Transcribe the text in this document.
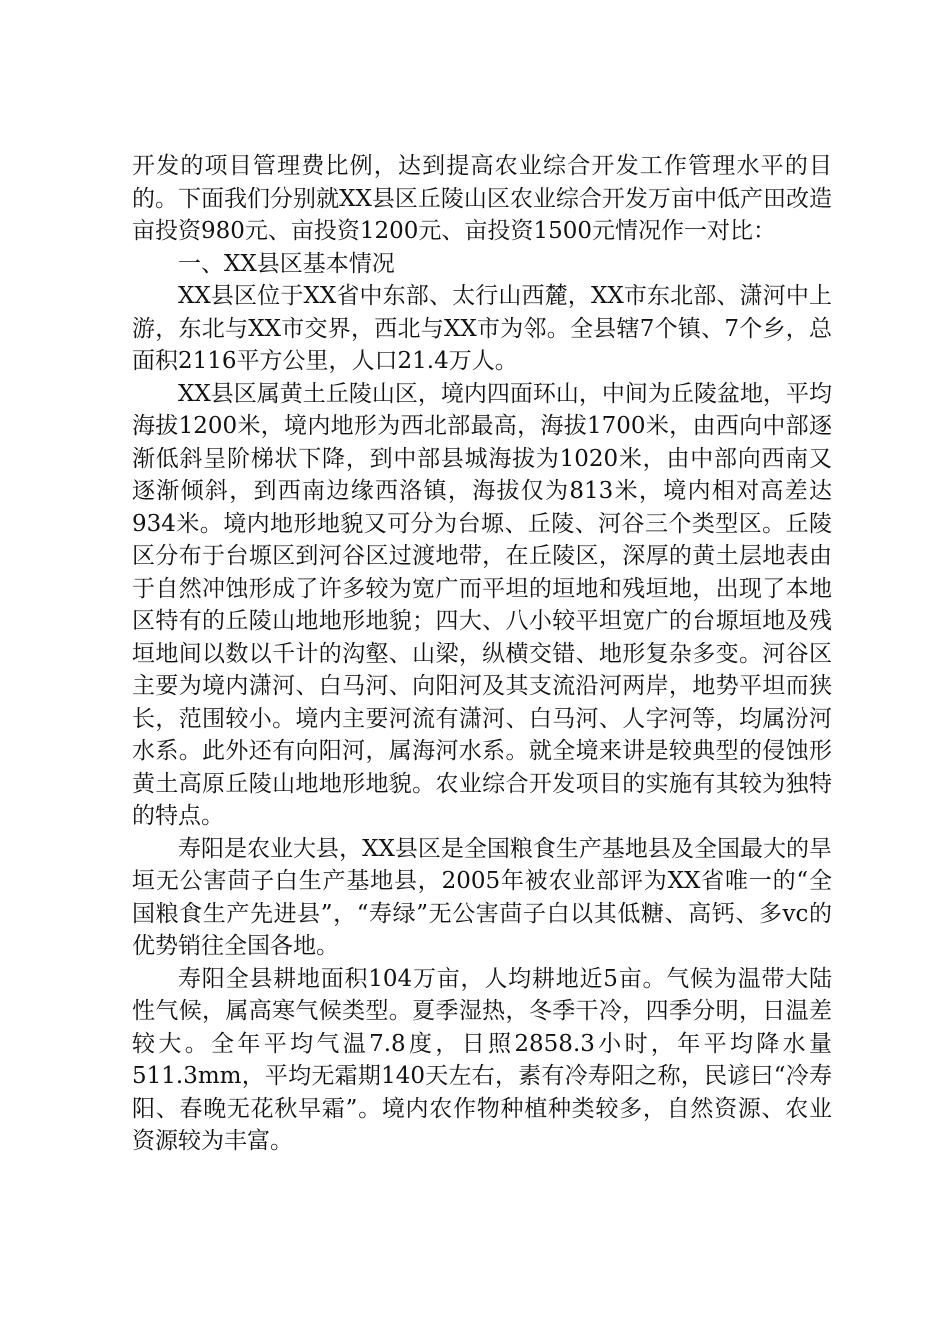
开发的项目管理费比例，达到提高农业综合开发工作管理水平的目的。下面我们分别就XX县区丘陵山区农业综合开发万亩中低产田改造亩投资980元、亩投资1200元、亩投资1500元情况作一对比：

一、XX县区基本情况

XX县区位于XX省中东部、太行山西麓，XX市东北部、潇河中上游，东北与XX市交界，西北与XX市为邻。全县辖7个镇、7个乡，总面积2116平方公里，人口21.4万人。

XX县区属黄土丘陵山区，境内四面环山，中间为丘陵盆地，平均海拔1200米，境内地形为西北部最高，海拔1700米，由西向中部逐渐低斜呈阶梯状下降，到中部县城海拔为1020米，由中部向西南又逐渐倾斜，到西南边缘西洛镇，海拔仅为813米，境内相对高差达934米。境内地形地貌又可分为台塬、丘陵、河谷三个类型区。丘陵区分布于台塬区到河谷区过渡地带，在丘陵区，深厚的黄土层地表由于自然冲蚀形成了许多较为宽广而平坦的垣地和残垣地，出现了本地区特有的丘陵山地地形地貌；四大、八小较平坦宽广的台塬垣地及残垣地间以数以千计的沟壑、山梁，纵横交错、地形复杂多变。河谷区主要为境内潇河、白马河、向阳河及其支流沿河两岸，地势平坦而狭长，范围较小。境内主要河流有潇河、白马河、人字河等，均属汾河水系。此外还有向阳河，属海河水系。就全境来讲是较典型的侵蚀形黄土高原丘陵山地地形地貌。农业综合开发项目的实施有其较为独特的特点。

寿阳是农业大县，XX县区是全国粮食生产基地县及全国最大的旱垣无公害茴子白生产基地县，2005年被农业部评为XX省唯一的“全国粮食生产先进县”，“寿绿”无公害茴子白以其低糖、高钙、多vc的优势销往全国各地。

寿阳全县耕地面积104万亩，人均耕地近5亩。气候为温带大陆性气候，属高寒气候类型。夏季湿热，冬季干冷，四季分明，日温差较大。全年平均气温7.8度，日照2858.3小时，年平均降水量511.3mm，平均无霜期140天左右，素有冷寿阳之称，民谚曰“冷寿阳、春晚无花秋早霜”。境内农作物种植种类较多，自然资源、农业资源较为丰富。
